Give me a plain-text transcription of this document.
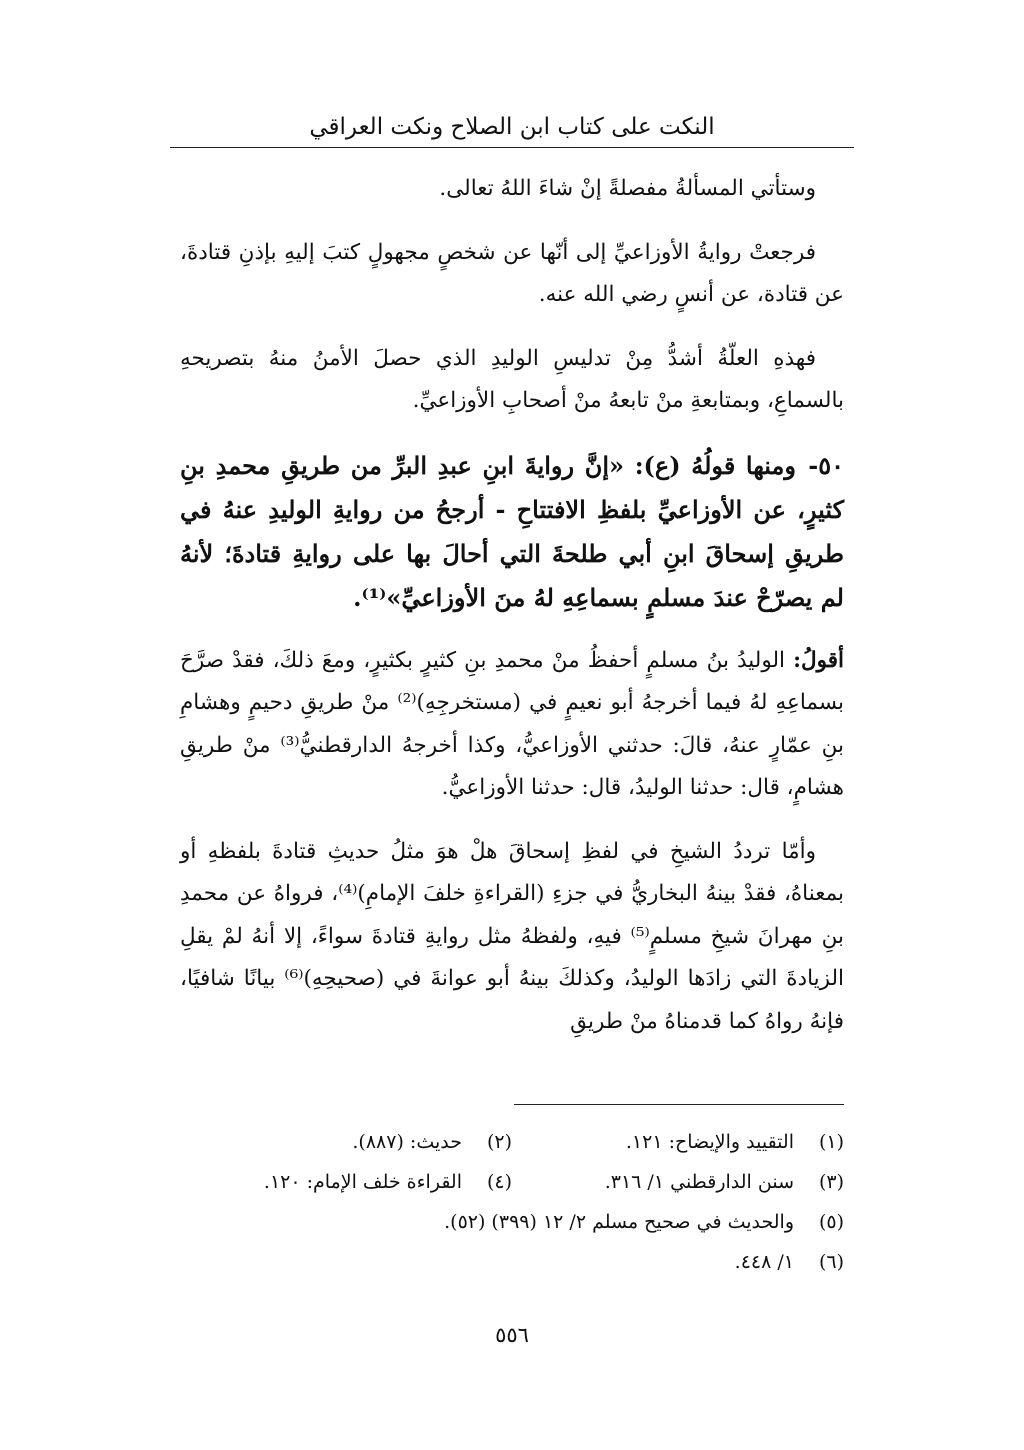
النكت على كتاب ابن الصلاح ونكت العراقي

وستأتي المسألةُ مفصلةً إنْ شاءَ اللهُ تعالى.

فرجعتْ روايةُ الأوزاعيِّ إلى أنّها عن شخصٍ مجهولٍ كتبَ إليهِ بإذنِ قتادةَ، عن قتادة، عن أنسٍ رضي الله عنه.

فهذهِ العلّةُ أشدُّ مِنْ تدليسِ الوليدِ الذي حصلَ الأمنُ منهُ بتصريحهِ بالسماعِ، وبمتابعةِ منْ تابعهُ منْ أصحابِ الأوزاعيِّ.

٥٠-
ومنها قولُهُ (ع): «إنَّ روايةَ ابنِ عبدِ البرِّ من طريقِ محمدِ بنِ كثيرٍ، عن الأوزاعيِّ بلفظِ الافتتاحِ - أرجحُ من روايةِ الوليدِ عنهُ في طريقِ إسحاقَ ابنِ أبي طلحةَ التي أحالَ بها على روايةِ قتادةَ؛ لأنهُ لم يصرّحْ عندَ مسلمٍ بسماعِهِ لهُ منَ الأوزاعيِّ»⁽¹⁾.

أقولُ: الوليدُ بنُ مسلمٍ أحفظُ منْ محمدِ بنِ كثيرٍ بكثيرٍ، ومعَ ذلكَ، فقدْ صرَّحَ بسماعِهِ لهُ فيما أخرجهُ أبو نعيمٍ في (مستخرجِهِ)⁽²⁾ منْ طريقِ دحيمٍ وهشامِ بنِ عمّارٍ عنهُ، قالَ: حدثني الأوزاعيُّ، وكذا أخرجهُ الدارقطنيُّ⁽³⁾ منْ طريقِ هشامٍ، قال: حدثنا الوليدُ، قال: حدثنا الأوزاعيُّ.

وأمّا ترددُ الشيخِ في لفظِ إسحاقَ هلْ هوَ مثلُ حديثِ قتادةَ بلفظهِ أو بمعناهُ، فقدْ بينهُ البخاريُّ في جزءِ (القراءةِ خلفَ الإمامِ)⁽⁴⁾، فرواهُ عن محمدِ بنِ مهرانَ شيخِ مسلمٍ⁽⁵⁾ فيهِ، ولفظهُ مثل روايةِ قتادةَ سواءً، إلا أنهُ لمْ يقلِ الزيادةَ التي زادَها الوليدُ، وكذلكَ بينهُ أبو عوانةَ في (صحيحِهِ)⁽⁶⁾ بيانًا شافيًا، فإنهُ رواهُ كما قدمناهُ منْ طريقِ

(١)التقييد والإيضاح: ١٢١.
(٢)حديث: (٨٨٧).
(٣)سنن الدارقطني ١/ ٣١٦.
(٤)القراءة خلف الإمام: ١٢٠.
(٥)والحديث في صحيح مسلم ٢/ ١٢ (٣٩٩) (٥٢).
(٦)١/ ٤٤٨.
٥٥٦
